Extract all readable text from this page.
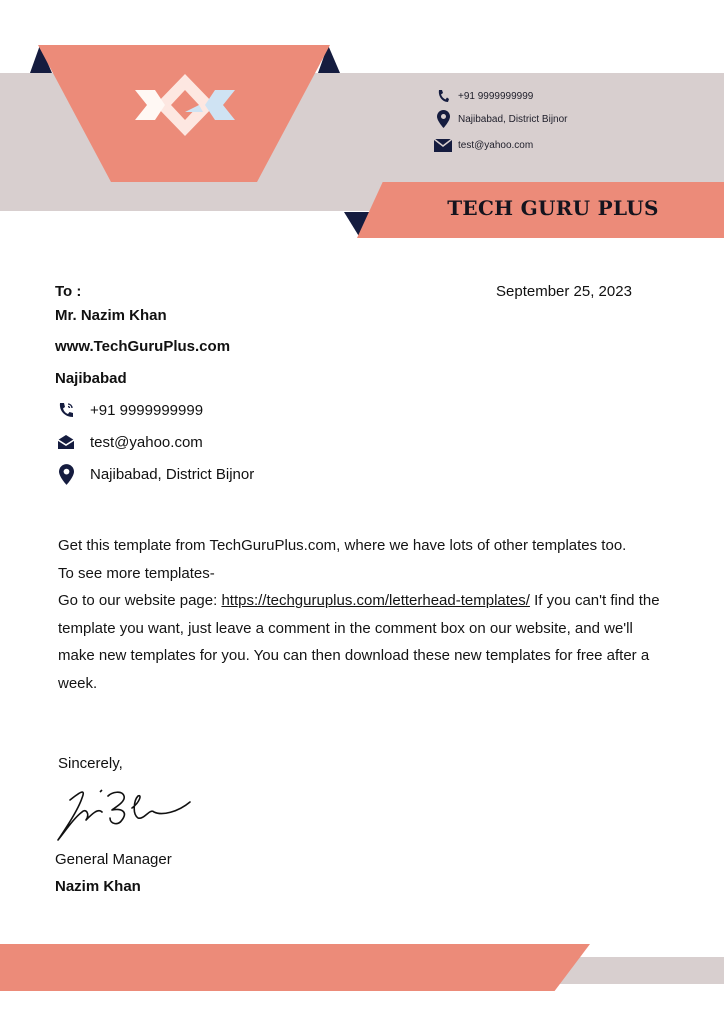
+91 9999999999
Najibabad, District Bijnor
test@yahoo.com
TECH GURU PLUS
To :	September 25, 2023
Mr. Nazim Khan
www.TechGuruPlus.com
Najibabad
+91 9999999999
test@yahoo.com
Najibabad, District Bijnor
Get this template from TechGuruPlus.com, where we have lots of other templates too.
To see more templates-
Go to our website page: https://techguruplus.com/letterhead-templates/ If you can't find the template you want, just leave a comment in the comment box on our website, and we'll make new templates for you. You can then download these new templates for free after a week.
Sincerely,
General Manager
Nazim Khan
